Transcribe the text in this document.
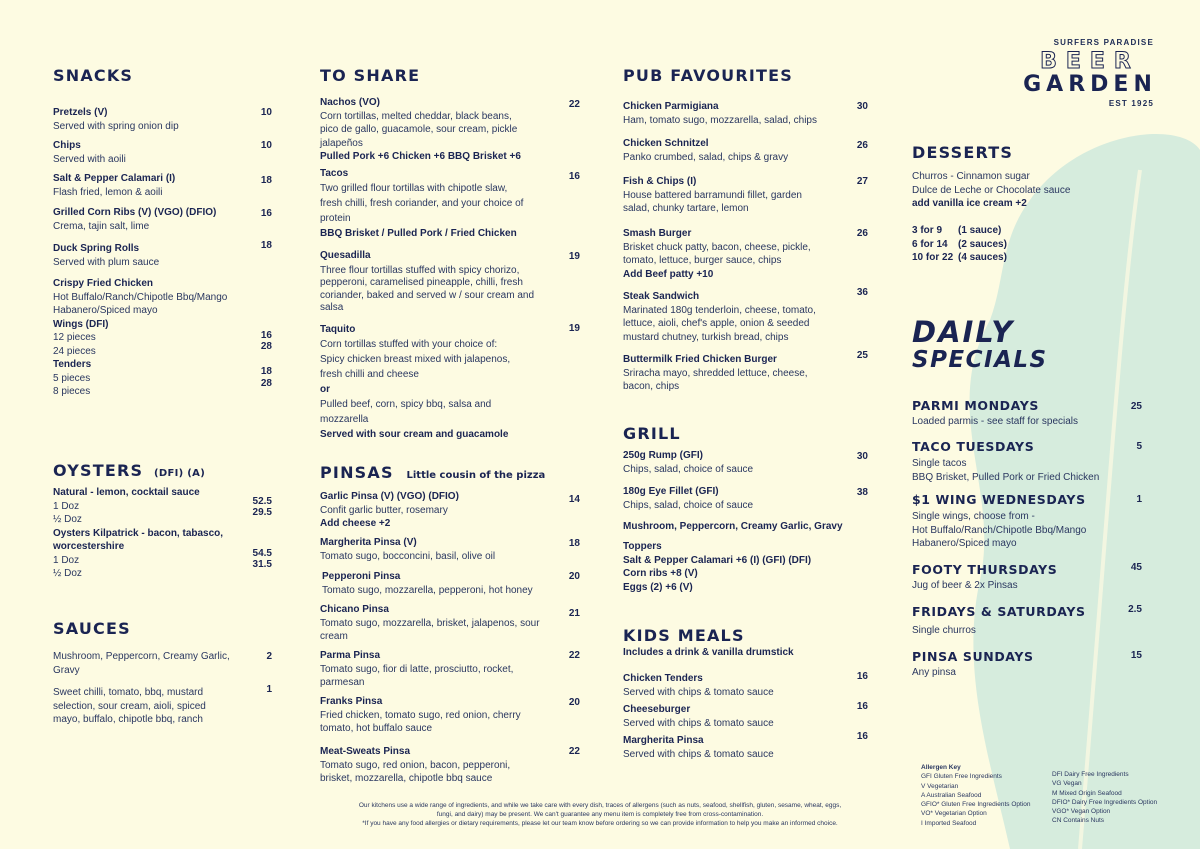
SURFERS PARADISE
BEER
GARDEN
EST 1925
SNACKS
Pretzels (V)
Served with spring onion dip
10
Chips
Served with aoili
10
Salt & Pepper Calamari (I)
Flash fried, lemon & aoili
18
Grilled Corn Ribs (V) (VGO) (DFIO)
Crema, tajin salt, lime
16
Duck Spring Rolls
Served with plum sauce
18
Crispy Fried Chicken
Hot Buffalo/Ranch/Chipotle Bbq/Mango
Habanero/Spiced mayo
Wings (DFI)
12 pieces
24 pieces
Tenders
5 pieces
8 pieces
16
28
18
28
OYSTERS (DFI) (A)
Natural - lemon, cocktail sauce
1 Doz
½ Doz
Oysters Kilpatrick - bacon, tabasco,
worcestershire
1 Doz
½ Doz
52.5
29.5
54.5
31.5
SAUCES
Mushroom, Peppercorn, Creamy Garlic,
Gravy
2
Sweet chilli, tomato, bbq, mustard
selection, sour cream, aioli, spiced
mayo, buffalo, chipotle bbq, ranch
1
TO SHARE
Nachos (VO)
Corn tortillas, melted cheddar, black beans,
pico de gallo, guacamole, sour cream, pickle
jalapeños
Pulled Pork +6 Chicken +6 BBQ Brisket +6
22
Tacos
Two grilled flour tortillas with chipotle slaw,
fresh chilli, fresh coriander, and your choice of
protein
BBQ Brisket / Pulled Pork / Fried Chicken
16
Quesadilla
Three flour tortillas stuffed with spicy chorizo,
pepperoni, caramelised pineapple, chilli, fresh
coriander, baked and served w / sour cream and
salsa
19
Taquito
Corn tortillas stuffed with your choice of:
Spicy chicken breast mixed with jalapenos,
fresh chilli and cheese
or
Pulled beef, corn, spicy bbq, salsa and
mozzarella
Served with sour cream and guacamole
19
PINSAS Little cousin of the pizza
Garlic Pinsa (V) (VGO) (DFIO)
Confit garlic butter, rosemary
Add cheese +2
14
Margherita Pinsa (V)
Tomato sugo, bocconcini, basil, olive oil
18
Pepperoni Pinsa
Tomato sugo, mozzarella, pepperoni, hot honey
20
Chicano Pinsa
Tomato sugo, mozzarella, brisket, jalapenos, sour
cream
21
Parma Pinsa
Tomato sugo, fior di latte, prosciutto, rocket,
parmesan
22
Franks Pinsa
Fried chicken, tomato sugo, red onion, cherry
tomato, hot buffalo sauce
20
Meat-Sweats Pinsa
Tomato sugo, red onion, bacon, pepperoni,
brisket, mozzarella, chipotle bbq sauce
22
PUB FAVOURITES
Chicken Parmigiana
Ham, tomato sugo, mozzarella, salad, chips
30
Chicken Schnitzel
Panko crumbed, salad, chips & gravy
26
Fish & Chips (I)
House battered barramundi fillet, garden
salad, chunky tartare, lemon
27
Smash Burger
Brisket chuck patty, bacon, cheese, pickle,
tomato, lettuce, burger sauce, chips
Add Beef patty +10
26
Steak Sandwich
Marinated 180g tenderloin, cheese, tomato,
lettuce, aioli, chef's apple, onion & seeded
mustard chutney, turkish bread, chips
36
Buttermilk Fried Chicken Burger
Sriracha mayo, shredded lettuce, cheese,
bacon, chips
25
GRILL
250g Rump (GFI)
Chips, salad, choice of sauce
30
180g Eye Fillet (GFI)
Chips, salad, choice of sauce
38
Mushroom, Peppercorn, Creamy Garlic, Gravy
Toppers
Salt & Pepper Calamari +6 (I) (GFI) (DFI)
Corn ribs +8 (V)
Eggs (2) +6 (V)
KIDS MEALS
Includes a drink & vanilla drumstick
Chicken Tenders
Served with chips & tomato sauce
16
Cheeseburger
Served with chips & tomato sauce
16
Margherita Pinsa
Served with chips & tomato sauce
16
DESSERTS
Churros - Cinnamon sugar
Dulce de Leche or Chocolate sauce
add vanilla ice cream +2
3 for 9 (1 sauce)
6 for 14 (2 sauces)
10 for 22 (4 sauces)
DAILY
SPECIALS
PARMI MONDAYS
Loaded parmis - see staff for specials
25
TACO TUESDAYS
Single tacos
BBQ Brisket, Pulled Pork or Fried Chicken
5
$1 WING WEDNESDAYS
Single wings, choose from -
Hot Buffalo/Ranch/Chipotle Bbq/Mango
Habanero/Spiced mayo
1
FOOTY THURSDAYS
Jug of beer & 2x Pinsas
45
FRIDAYS & SATURDAYS
Single churros
2.5
PINSA SUNDAYS
Any pinsa
15
Allergen Key
GFI Gluten Free Ingredients
V Vegetarian
A Australian Seafood
GFIO* Gluten Free Ingredients Option
VO* Vegetarian Option
I Imported Seafood
DFI Dairy Free Ingredients
VG Vegan
M Mixed Origin Seafood
DFIO* Dairy Free Ingredients Option
VGO* Vegan Option
CN Contains Nuts
Our kitchens use a wide range of ingredients, and while we take care with every dish, traces of allergens (such as nuts, seafood, shellfish, gluten, sesame, wheat, eggs,
fungi, and dairy) may be present. We can't guarantee any menu item is completely free from cross-contamination.
*If you have any food allergies or dietary requirements, please let our team know before ordering so we can provide information to help you make an informed choice.
